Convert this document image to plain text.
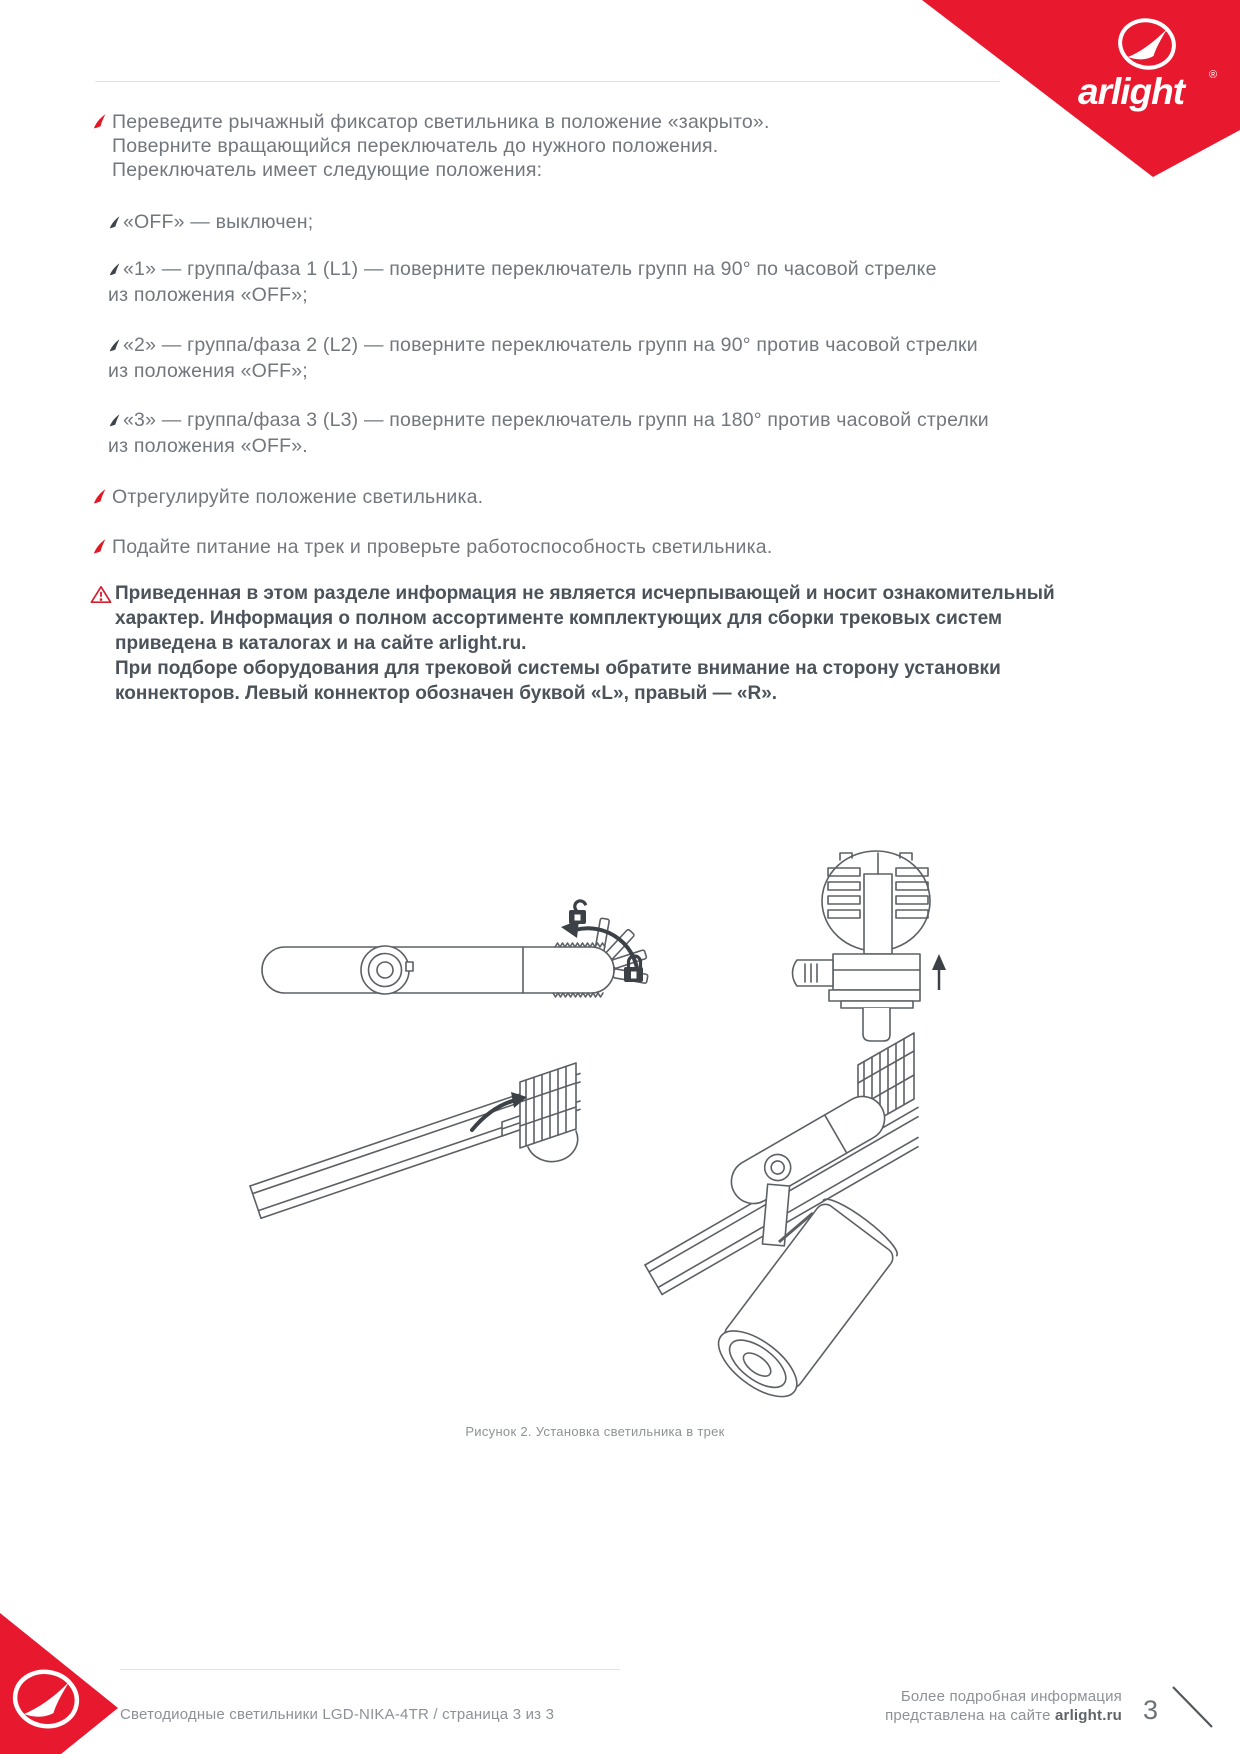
arlight ®
Переведите рычажный фиксатор светильника в положение «закрыто».
Поверните вращающийся переключатель до нужного положения.
Переключатель имеет следующие положения:
«OFF» — выключен;
«1» — группа/фаза 1 (L1) — поверните переключатель групп на 90° по часовой стрелке
из положения «OFF»;
«2» — группа/фаза 2 (L2) — поверните переключатель групп на 90° против часовой стрелки
из положения «OFF»;
«3» — группа/фаза 3 (L3) — поверните переключатель групп на 180° против часовой стрелки
из положения «OFF».
Отрегулируйте положение светильника.
Подайте питание на трек и проверьте работоспособность светильника.
Приведенная в этом разделе информация не является исчерпывающей и носит ознакомительный
характер. Информация о полном ассортименте комплектующих для сборки трековых систем
приведена в каталогах и на сайте arlight.ru.
При подборе оборудования для трековой системы обратите внимание на сторону установки
коннекторов. Левый коннектор обозначен буквой «L», правый — «R».
Рисунок 2. Установка светильника в трек
Светодиодные светильники LGD-NIKA-4TR / страница 3 из 3
Более подробная информация
представлена на сайте arlight.ru 3
